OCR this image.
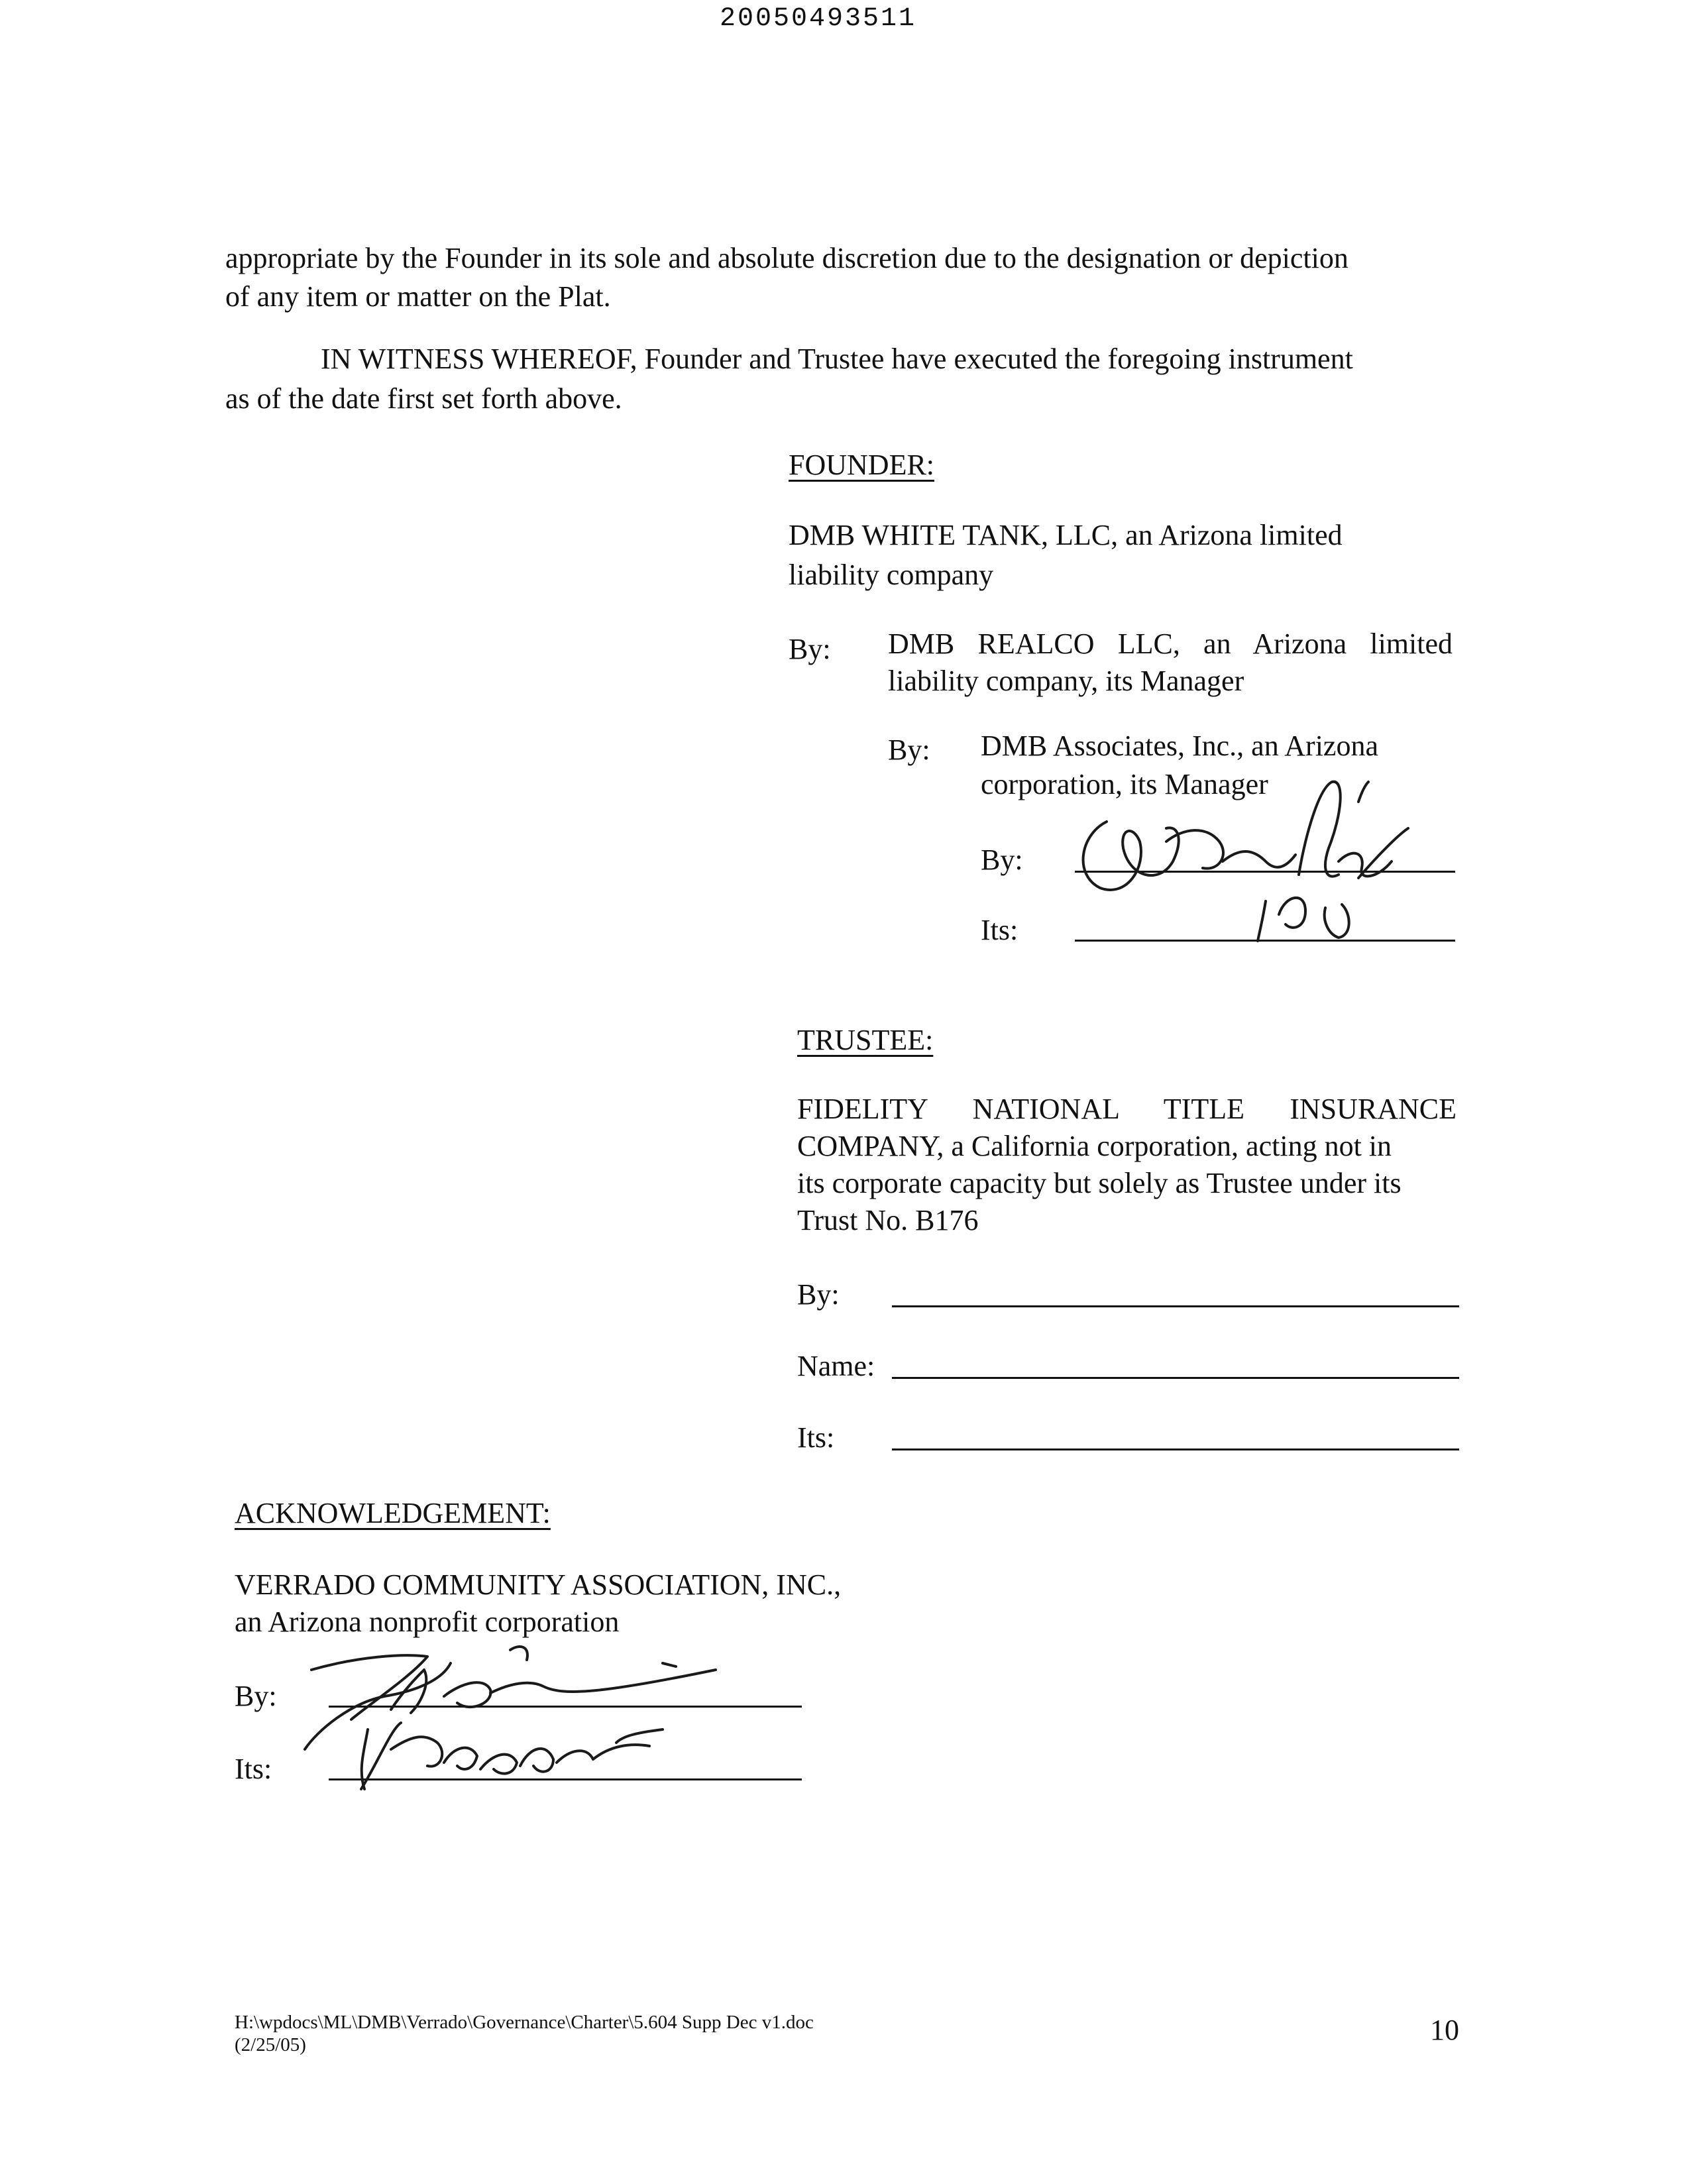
20050493511
appropriate by the Founder in its sole and absolute discretion due to the designation or depiction
of any item or matter on the Plat.
IN WITNESS WHEREOF, Founder and Trustee have executed the foregoing instrument
as of the date first set forth above.
FOUNDER:
DMB WHITE TANK, LLC, an Arizona limited
liability company
By: DMB REALCO LLC, an Arizona limited
liability company, its Manager
By: DMB Associates, Inc., an Arizona
corporation, its Manager
By:
Its:
TRUSTEE:
FIDELITY NATIONAL TITLE INSURANCE
COMPANY, a California corporation, acting not in
its corporate capacity but solely as Trustee under its
Trust No. B176
By:
Name:
Its:
ACKNOWLEDGEMENT:
VERRADO COMMUNITY ASSOCIATION, INC.,
an Arizona nonprofit corporation
By:
Its:
H:\wpdocs\ML\DMB\Verrado\Governance\Charter\5.604 Supp Dec v1.doc
(2/25/05)	10
